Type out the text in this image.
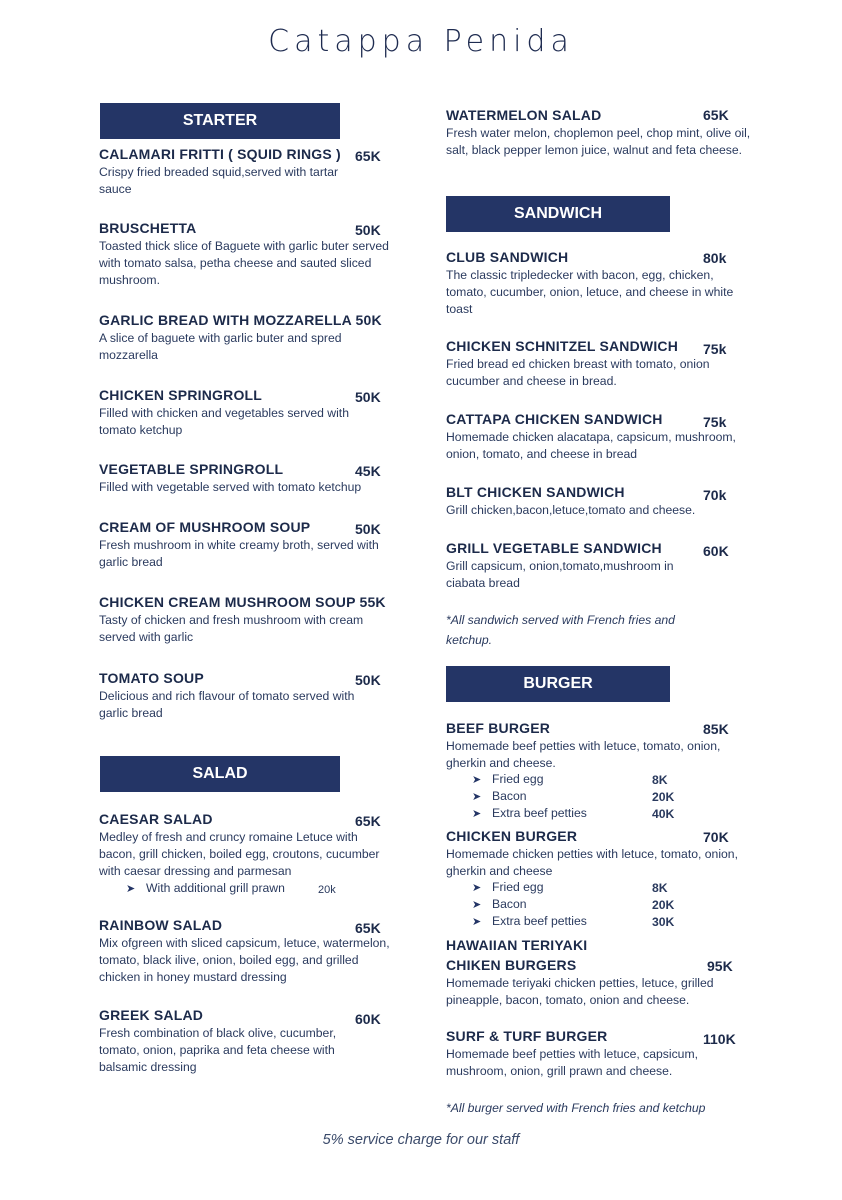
Catappa Penida
STARTER
CALAMARI FRITTI ( SQUID RINGS )
Crispy fried breaded squid,served with tartar sauce
65K
BRUSCHETTA
Toasted thick slice of Baguete with garlic buter served with tomato salsa, petha cheese and sauted sliced mushroom.
50K
GARLIC BREAD WITH MOZZARELLA 50K
A slice of baguete with garlic buter and spred mozzarella
CHICKEN SPRINGROLL
Filled with chicken and vegetables served with tomato ketchup
50K
VEGETABLE SPRINGROLL
Filled with vegetable served with tomato ketchup
45K
CREAM OF MUSHROOM SOUP
Fresh mushroom in white creamy broth, served with garlic bread
50K
CHICKEN CREAM MUSHROOM SOUP 55K
Tasty of chicken and fresh mushroom with cream served with garlic
TOMATO SOUP
Delicious and rich flavour of tomato served with garlic bread
50K
SALAD
CAESAR SALAD
Medley of fresh and cruncy romaine Letuce with bacon, grill chicken, boiled egg, croutons, cucumber with caesar dressing and parmesan
65K
➤ With additional grill prawn	20k
RAINBOW SALAD
Mix ofgreen with sliced capsicum, letuce, watermelon, tomato, black ilive, onion, boiled egg, and grilled chicken in honey mustard dressing
65K
GREEK SALAD
Fresh combination of black olive, cucumber, tomato, onion, paprika and feta cheese with balsamic dressing
60K
WATERMELON SALAD
Fresh water melon, choplemon peel, chop mint, olive oil, salt, black pepper lemon juice, walnut and feta cheese.
65K
SANDWICH
CLUB SANDWICH
The classic tripledecker with bacon, egg, chicken, tomato, cucumber, onion, letuce, and cheese in white toast
80k
CHICKEN SCHNITZEL SANDWICH
Fried bread ed chicken breast with tomato, onion cucumber and cheese in bread.
75k
CATTAPA CHICKEN SANDWICH
Homemade chicken alacatapa, capsicum, mushroom, onion, tomato, and cheese in bread
75k
BLT CHICKEN SANDWICH
Grill chicken,bacon,letuce,tomato and cheese.
70k
GRILL VEGETABLE SANDWICH
Grill capsicum, onion,tomato,mushroom in ciabata bread
60K
*All sandwich served with French fries and ketchup.
BURGER
BEEF BURGER
Homemade beef petties with letuce, tomato, onion, gherkin and cheese.
85K
➤ Fried egg	8K
➤ Bacon	20K
➤ Extra beef petties	40K
CHICKEN BURGER
Homemade chicken petties with letuce, tomato, onion, gherkin and cheese
70K
➤ Fried egg	8K
➤ Bacon	20K
➤ Extra beef petties	30K
HAWAIIAN TERIYAKI
CHIKEN BURGERS
Homemade teriyaki chicken petties, letuce, grilled pineapple, bacon, tomato, onion and cheese.
95K
SURF & TURF BURGER
Homemade beef petties with letuce, capsicum, mushroom, onion, grill prawn and cheese.
110K
*All burger served with French fries and ketchup
5% service charge for our staff
